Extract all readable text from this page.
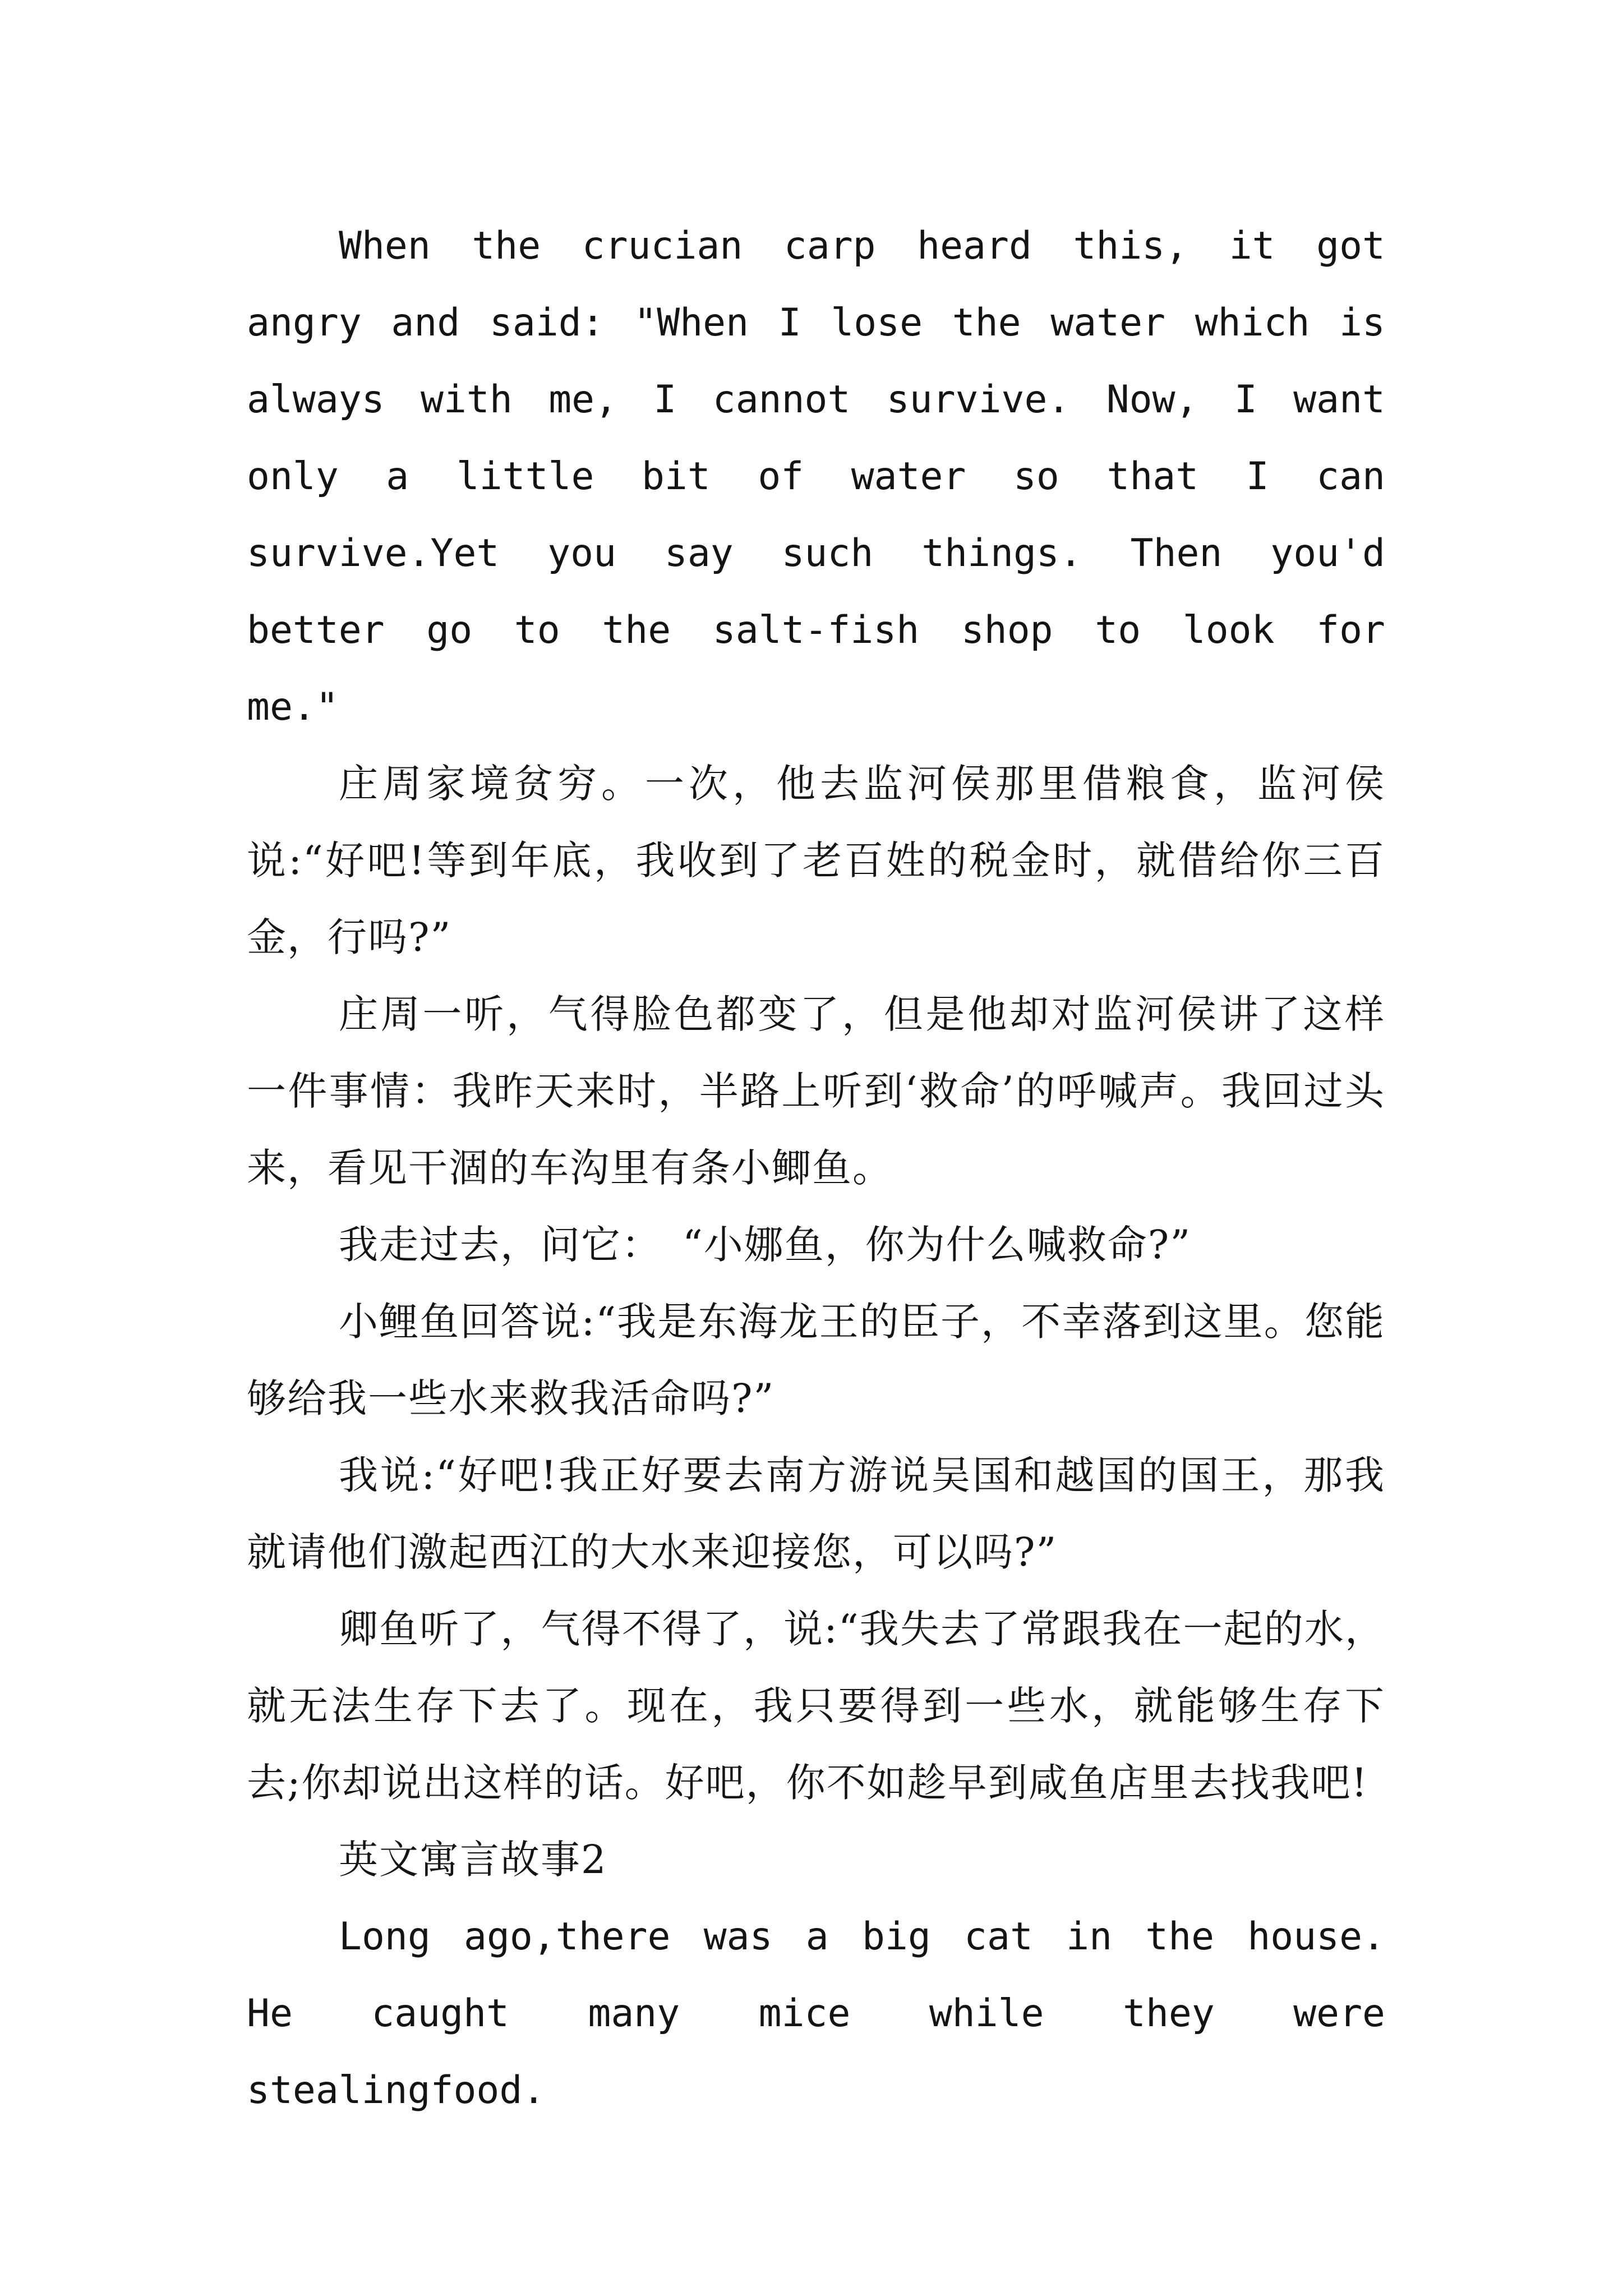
When the crucian carp heard this, it got angry and said: "When I lose the water which is always with me, I cannot survive. Now, I want only a little bit of water so that I can survive.Yet you say such things. Then you'd better go to the salt-fish shop to look for me."

庄周家境贫穷。一次，他去监河侯那里借粮食，监河侯说:“好吧!等到年底，我收到了老百姓的税金时，就借给你三百金，行吗?”

庄周一听，气得脸色都变了，但是他却对监河侯讲了这样一件事情：我昨天来时，半路上听到‘救命’的呼喊声。我回过头来，看见干涸的车沟里有条小鲫鱼。

我走过去，问它：　“小娜鱼，你为什么喊救命?”

小鲤鱼回答说:“我是东海龙王的臣子，不幸落到这里。您能够给我一些水来救我活命吗?”

我说:“好吧!我正好要去南方游说吴国和越国的国王，那我就请他们激起西江的大水来迎接您，可以吗?”

卿鱼听了，气得不得了，说:“我失去了常跟我在一起的水，就无法生存下去了。现在，我只要得到一些水，就能够生存下去;你却说出这样的话。好吧，你不如趁早到咸鱼店里去找我吧!

英文寓言故事2

Long ago,there was a big cat in the house. He caught many mice while they were stealingfood.
